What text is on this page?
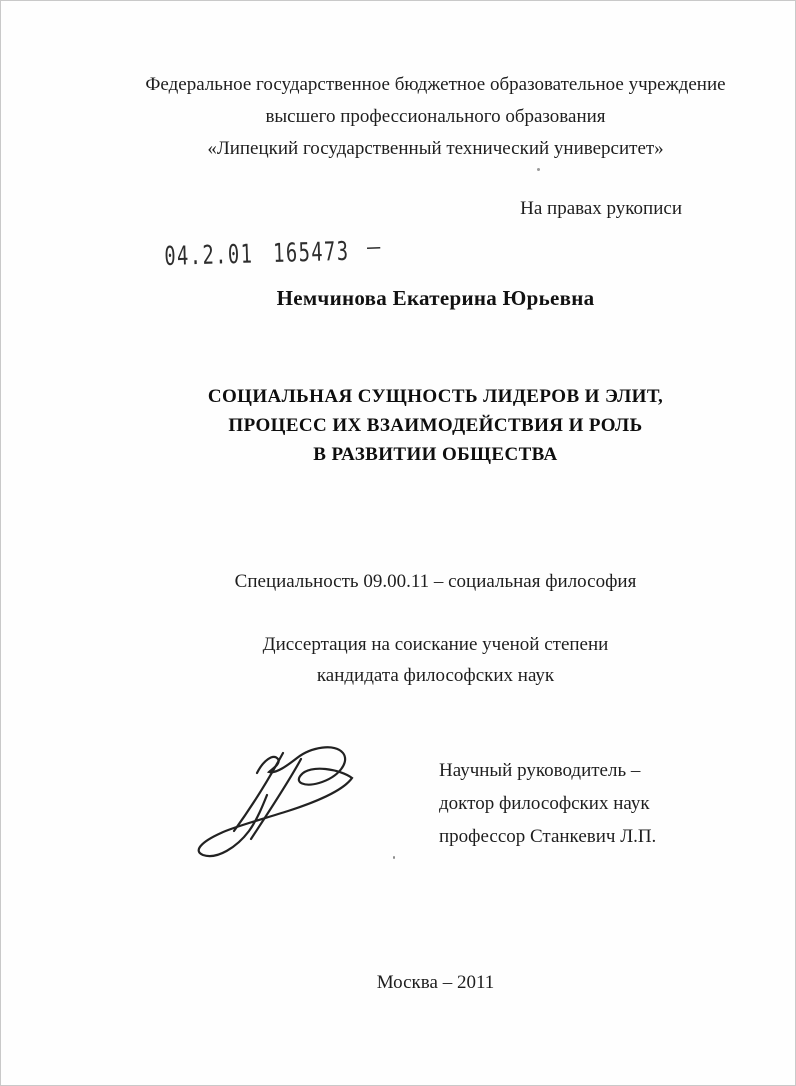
Федеральное государственное бюджетное образовательное учреждение
высшего профессионального образования
«Липецкий государственный технический университет»
На правах рукописи
04.2.01 165473 –
Немчинова Екатерина Юрьевна
СОЦИАЛЬНАЯ СУЩНОСТЬ ЛИДЕРОВ И ЭЛИТ,
ПРОЦЕСС ИХ ВЗАИМОДЕЙСТВИЯ И РОЛЬ
В РАЗВИТИИ ОБЩЕСТВА
Специальность 09.00.11 – социальная философия
Диссертация на соискание ученой степени
кандидата философских наук
Научный руководитель –
доктор философских наук
профессор Станкевич Л.П.
Москва – 2011
